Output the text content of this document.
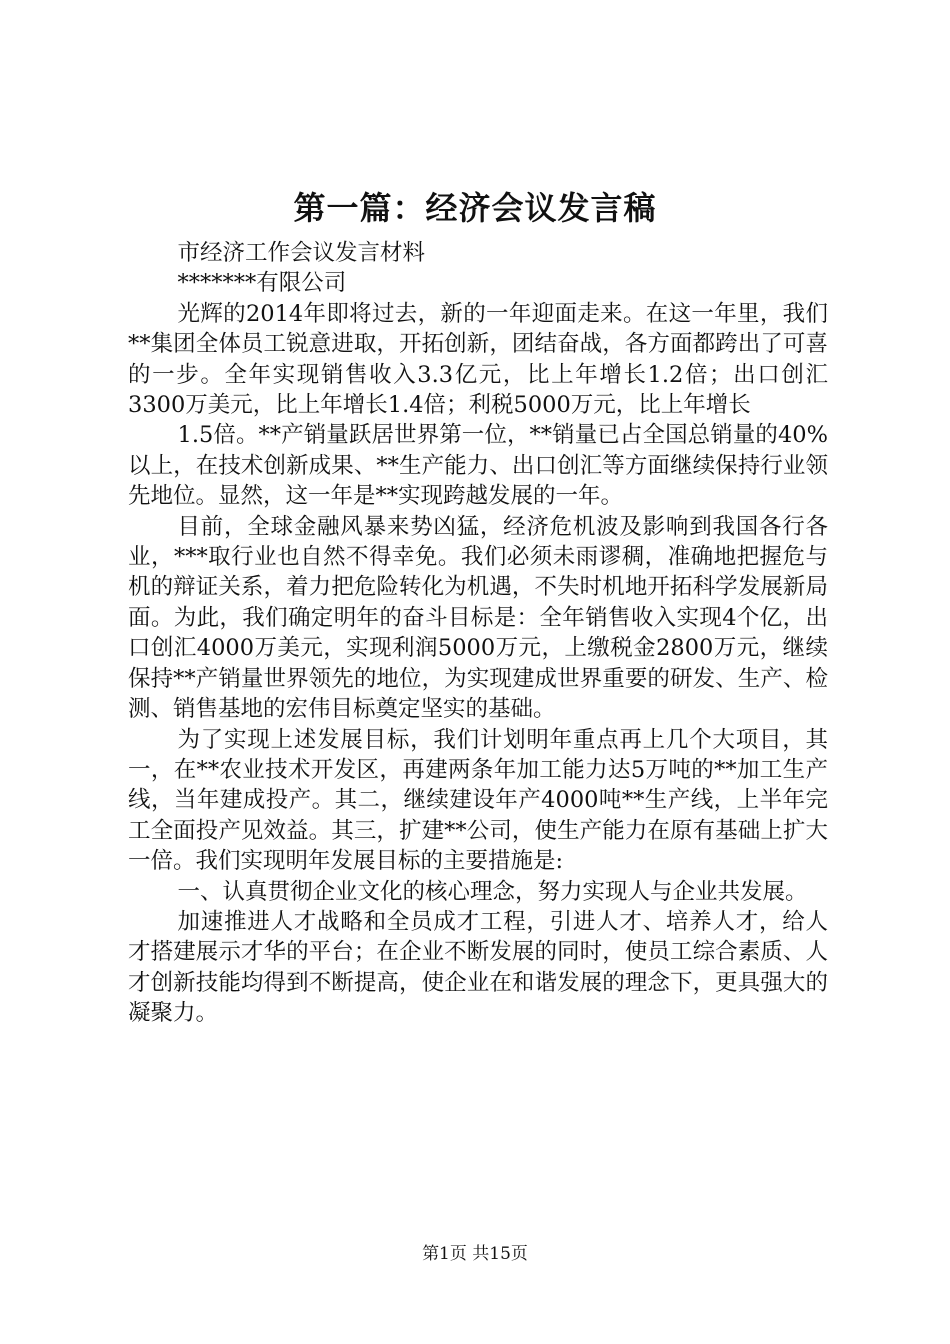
第一篇：经济会议发言稿

市经济工作会议发言材料

*******有限公司

光辉的2014年即将过去，新的一年迎面走来。在这一年里，我们**集团全体员工锐意进取，开拓创新，团结奋战，各方面都跨出了可喜的一步。全年实现销售收入3.3亿元，比上年增长1.2倍；出口创汇3300万美元，比上年增长1.4倍；利税5000万元，比上年增长

1.5倍。**产销量跃居世界第一位，**销量已占全国总销量的40%以上，在技术创新成果、**生产能力、出口创汇等方面继续保持行业领先地位。显然，这一年是**实现跨越发展的一年。

目前，全球金融风暴来势凶猛，经济危机波及影响到我国各行各业，***取行业也自然不得幸免。我们必须未雨谬稠，准确地把握危与机的辩证关系，着力把危险转化为机遇，不失时机地开拓科学发展新局面。为此，我们确定明年的奋斗目标是：全年销售收入实现4个亿，出口创汇4000万美元，实现利润5000万元，上缴税金2800万元，继续保持**产销量世界领先的地位，为实现建成世界重要的研发、生产、检测、销售基地的宏伟目标奠定坚实的基础。

为了实现上述发展目标，我们计划明年重点再上几个大项目，其一，在**农业技术开发区，再建两条年加工能力达5万吨的**加工生产线，当年建成投产。其二，继续建设年产4000吨**生产线，上半年完工全面投产见效益。其三，扩建**公司，使生产能力在原有基础上扩大一倍。我们实现明年发展目标的主要措施是:

一、认真贯彻企业文化的核心理念，努力实现人与企业共发展。

加速推进人才战略和全员成才工程，引进人才、培养人才，给人才搭建展示才华的平台；在企业不断发展的同时，使员工综合素质、人才创新技能均得到不断提高，使企业在和谐发展的理念下，更具强大的凝聚力。

第1页 共15页
